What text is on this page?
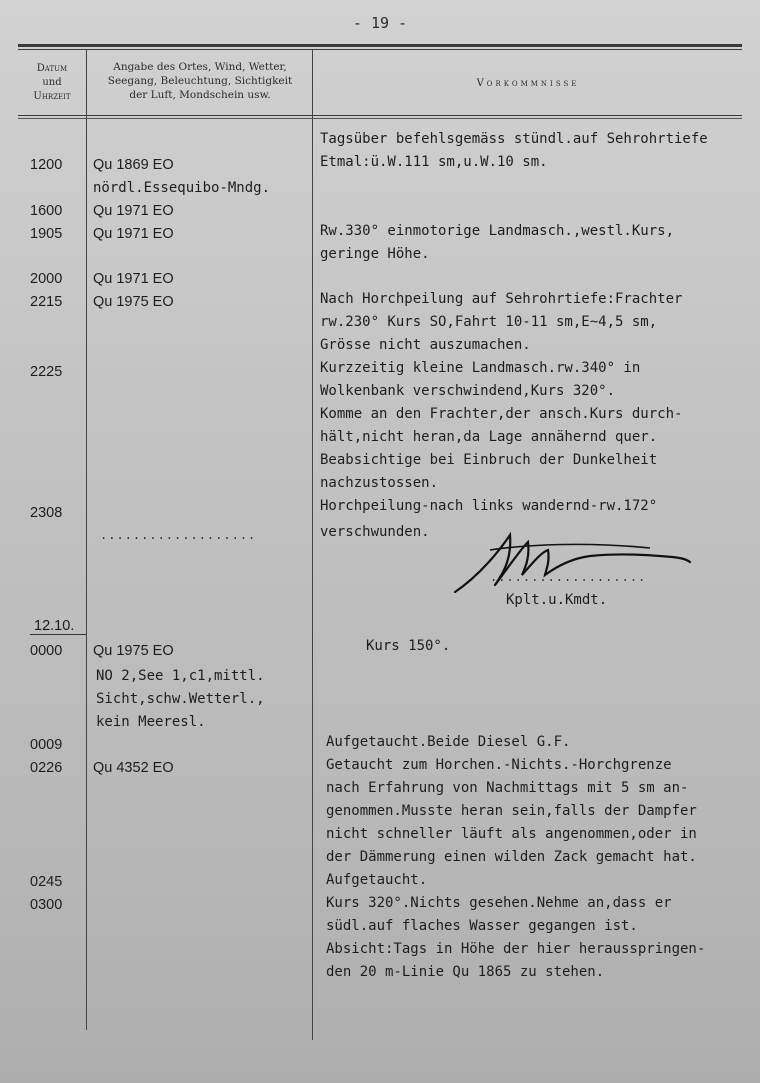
- 19 -
Datum
und
Uhrzeit
Angabe des Ortes, Wind, Wetter,
Seegang, Beleuchtung, Sichtigkeit
der Luft, Mondschein usw.
Vorkommnisse
1200
1600
1905
2000
2215
2225
2308
12.10.
0000
0009
0226
0245
0300
Qu 1869 EO
nördl.Essequibo-Mndg.
Qu 1971 EO
Qu 1971 EO
Qu 1971 EO
Qu 1975 EO
...................
Qu 1975 EO
NO 2,See 1,c1,mittl.
Sicht,schw.Wetterl.,
kein Meeresl.
Qu 4352 EO
Tagsüber befehlsgemäss stündl.auf Sehrohrtiefe
Etmal:ü.W.111 sm,u.W.10 sm.
Rw.330° einmotorige Landmasch.,westl.Kurs,
geringe Höhe.
Nach Horchpeilung auf Sehrohrtiefe:Frachter
rw.230° Kurs SO,Fahrt 10-11 sm,E~4,5 sm,
Grösse nicht auszumachen.
Kurzzeitig kleine Landmasch.rw.340° in
Wolkenbank verschwindend,Kurs 320°.
Komme an den Frachter,der ansch.Kurs durch-
hält,nicht heran,da Lage annähernd quer.
Beabsichtige bei Einbruch der Dunkelheit
nachzustossen.
Horchpeilung-nach links wandernd-rw.172°
verschwunden.
...................
Kplt.u.Kmdt.
Kurs 150°.
Aufgetaucht.Beide Diesel G.F.
Getaucht zum Horchen.-Nichts.-Horchgrenze
nach Erfahrung von Nachmittags mit 5 sm an-
genommen.Musste heran sein,falls der Dampfer
nicht schneller läuft als angenommen,oder in
der Dämmerung einen wilden Zack gemacht hat.
Aufgetaucht.
Kurs 320°.Nichts gesehen.Nehme an,dass er
südl.auf flaches Wasser gegangen ist.
Absicht:Tags in Höhe der hier herausspringen-
den 20 m-Linie Qu 1865 zu stehen.
